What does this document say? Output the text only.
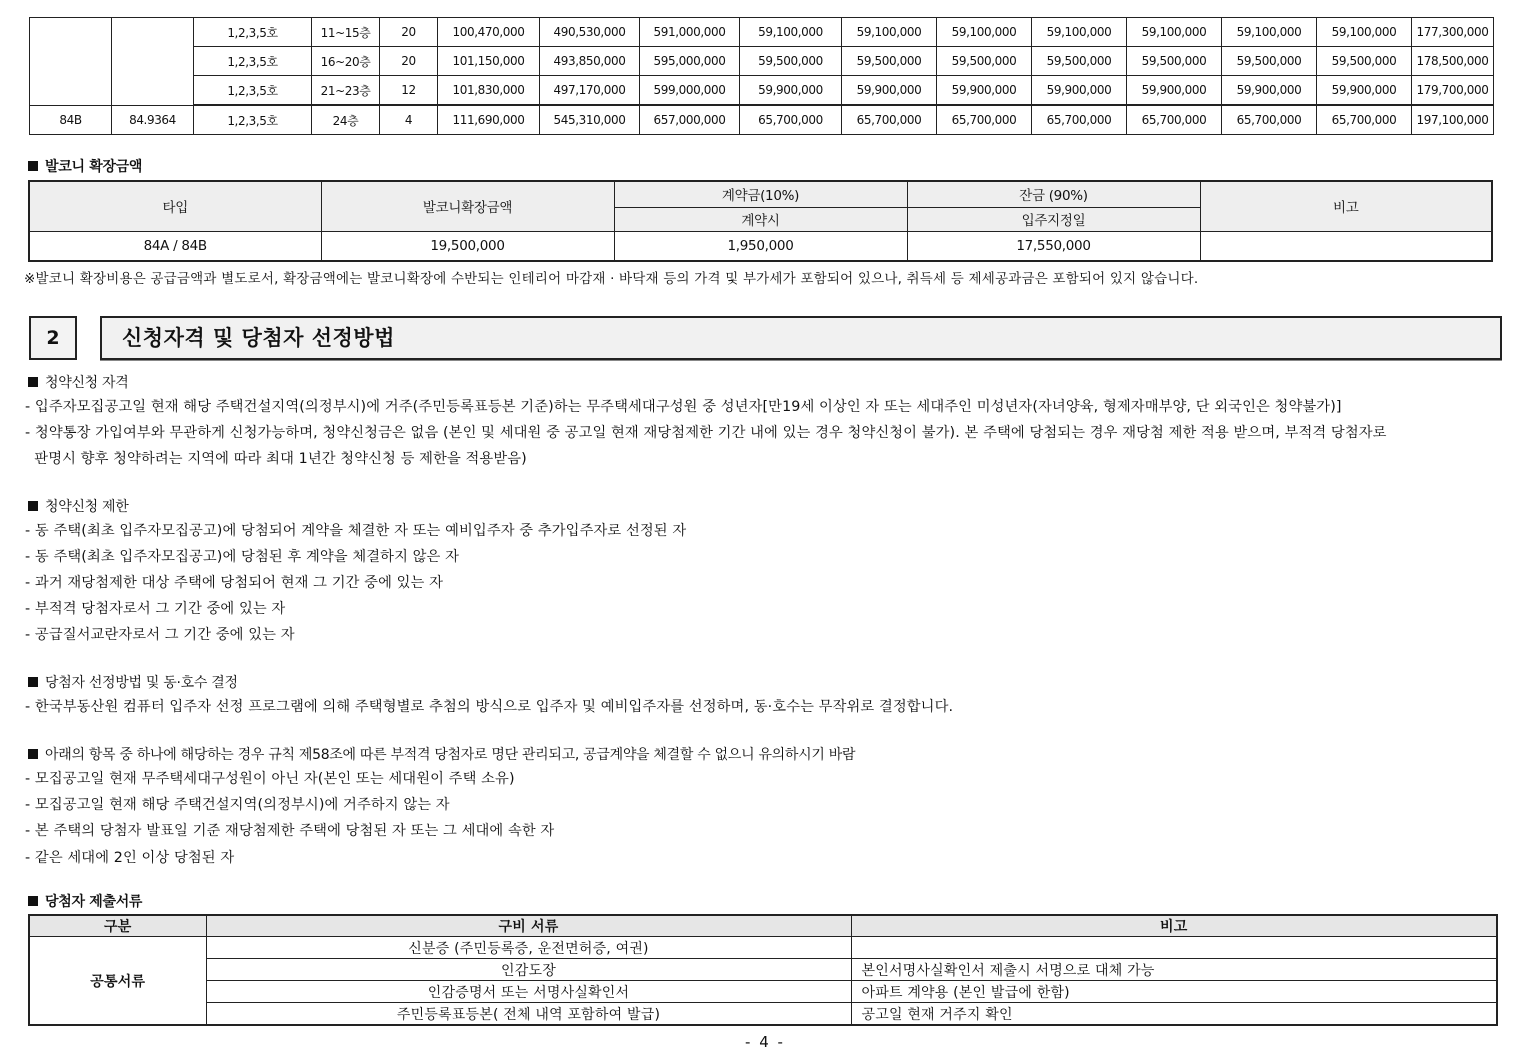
		1,2,3,5호	11~15층	20	100,470,000	490,530,000	591,000,000	59,100,000	59,100,000	59,100,000	59,100,000	59,100,000	59,100,000	59,100,000	177,300,000
		1,2,3,5호	16~20층	20	101,150,000	493,850,000	595,000,000	59,500,000	59,500,000	59,500,000	59,500,000	59,500,000	59,500,000	59,500,000	178,500,000
		1,2,3,5호	21~23층	12	101,830,000	497,170,000	599,000,000	59,900,000	59,900,000	59,900,000	59,900,000	59,900,000	59,900,000	59,900,000	179,700,000
84B	84.9364	1,2,3,5호	24층	4	111,690,000	545,310,000	657,000,000	65,700,000	65,700,000	65,700,000	65,700,000	65,700,000	65,700,000	65,700,000	197,100,000
발코니 확장금액
타입	발코니확장금액	계약금(10%)	잔금 (90%)	비고
		계약시	입주지정일	
84A / 84B	19,500,000	1,950,000	17,550,000	
※발코니 확장비용은 공급금액과 별도로서, 확장금액에는 발코니확장에 수반되는 인테리어 마감재 · 바닥재 등의 가격 및 부가세가 포함되어 있으나, 취득세 등 제세공과금은 포함되어 있지 않습니다.
2	신청자격 및 당첨자 선정방법
청약신청 자격
- 입주자모집공고일 현재 해당 주택건설지역(의정부시)에 거주(주민등록표등본 기준)하는 무주택세대구성원 중 성년자[만19세 이상인 자 또는 세대주인 미성년자(자녀양육, 형제자매부양, 단 외국인은 청약불가)]
- 청약통장 가입여부와 무관하게 신청가능하며, 청약신청금은 없음 (본인 및 세대원 중 공고일 현재 재당첨제한 기간 내에 있는 경우 청약신청이 불가). 본 주택에 당첨되는 경우 재당첨 제한 적용 받으며, 부적격 당첨자로
판명시 향후 청약하려는 지역에 따라 최대 1년간 청약신청 등 제한을 적용받음)
청약신청 제한
- 동 주택(최초 입주자모집공고)에 당첨되어 계약을 체결한 자 또는 예비입주자 중 추가입주자로 선정된 자
- 동 주택(최초 입주자모집공고)에 당첨된 후 계약을 체결하지 않은 자
- 과거 재당첨제한 대상 주택에 당첨되어 현재 그 기간 중에 있는 자
- 부적격 당첨자로서 그 기간 중에 있는 자
- 공급질서교란자로서 그 기간 중에 있는 자
당첨자 선정방법 및 동·호수 결정
- 한국부동산원 컴퓨터 입주자 선정 프로그램에 의해 주택형별로 추첨의 방식으로 입주자 및 예비입주자를 선정하며, 동·호수는 무작위로 결정합니다.
아래의 항목 중 하나에 해당하는 경우 규칙 제58조에 따른 부적격 당첨자로 명단 관리되고, 공급계약을 체결할 수 없으니 유의하시기 바람
- 모집공고일 현재 무주택세대구성원이 아닌 자(본인 또는 세대원이 주택 소유)
- 모집공고일 현재 해당 주택건설지역(의정부시)에 거주하지 않는 자
- 본 주택의 당첨자 발표일 기준 재당첨제한 주택에 당첨된 자 또는 그 세대에 속한 자
- 같은 세대에 2인 이상 당첨된 자
당첨자 제출서류
구분	구비 서류	비고
공통서류	신분증 (주민등록증, 운전면허증, 여권)	
	인감도장	본인서명사실확인서 제출시 서명으로 대체 가능
	인감증명서 또는 서명사실확인서	아파트 계약용 (본인 발급에 한함)
	주민등록표등본( 전체 내역 포함하여 발급)	공고일 현재 거주지 확인
- 4 -
